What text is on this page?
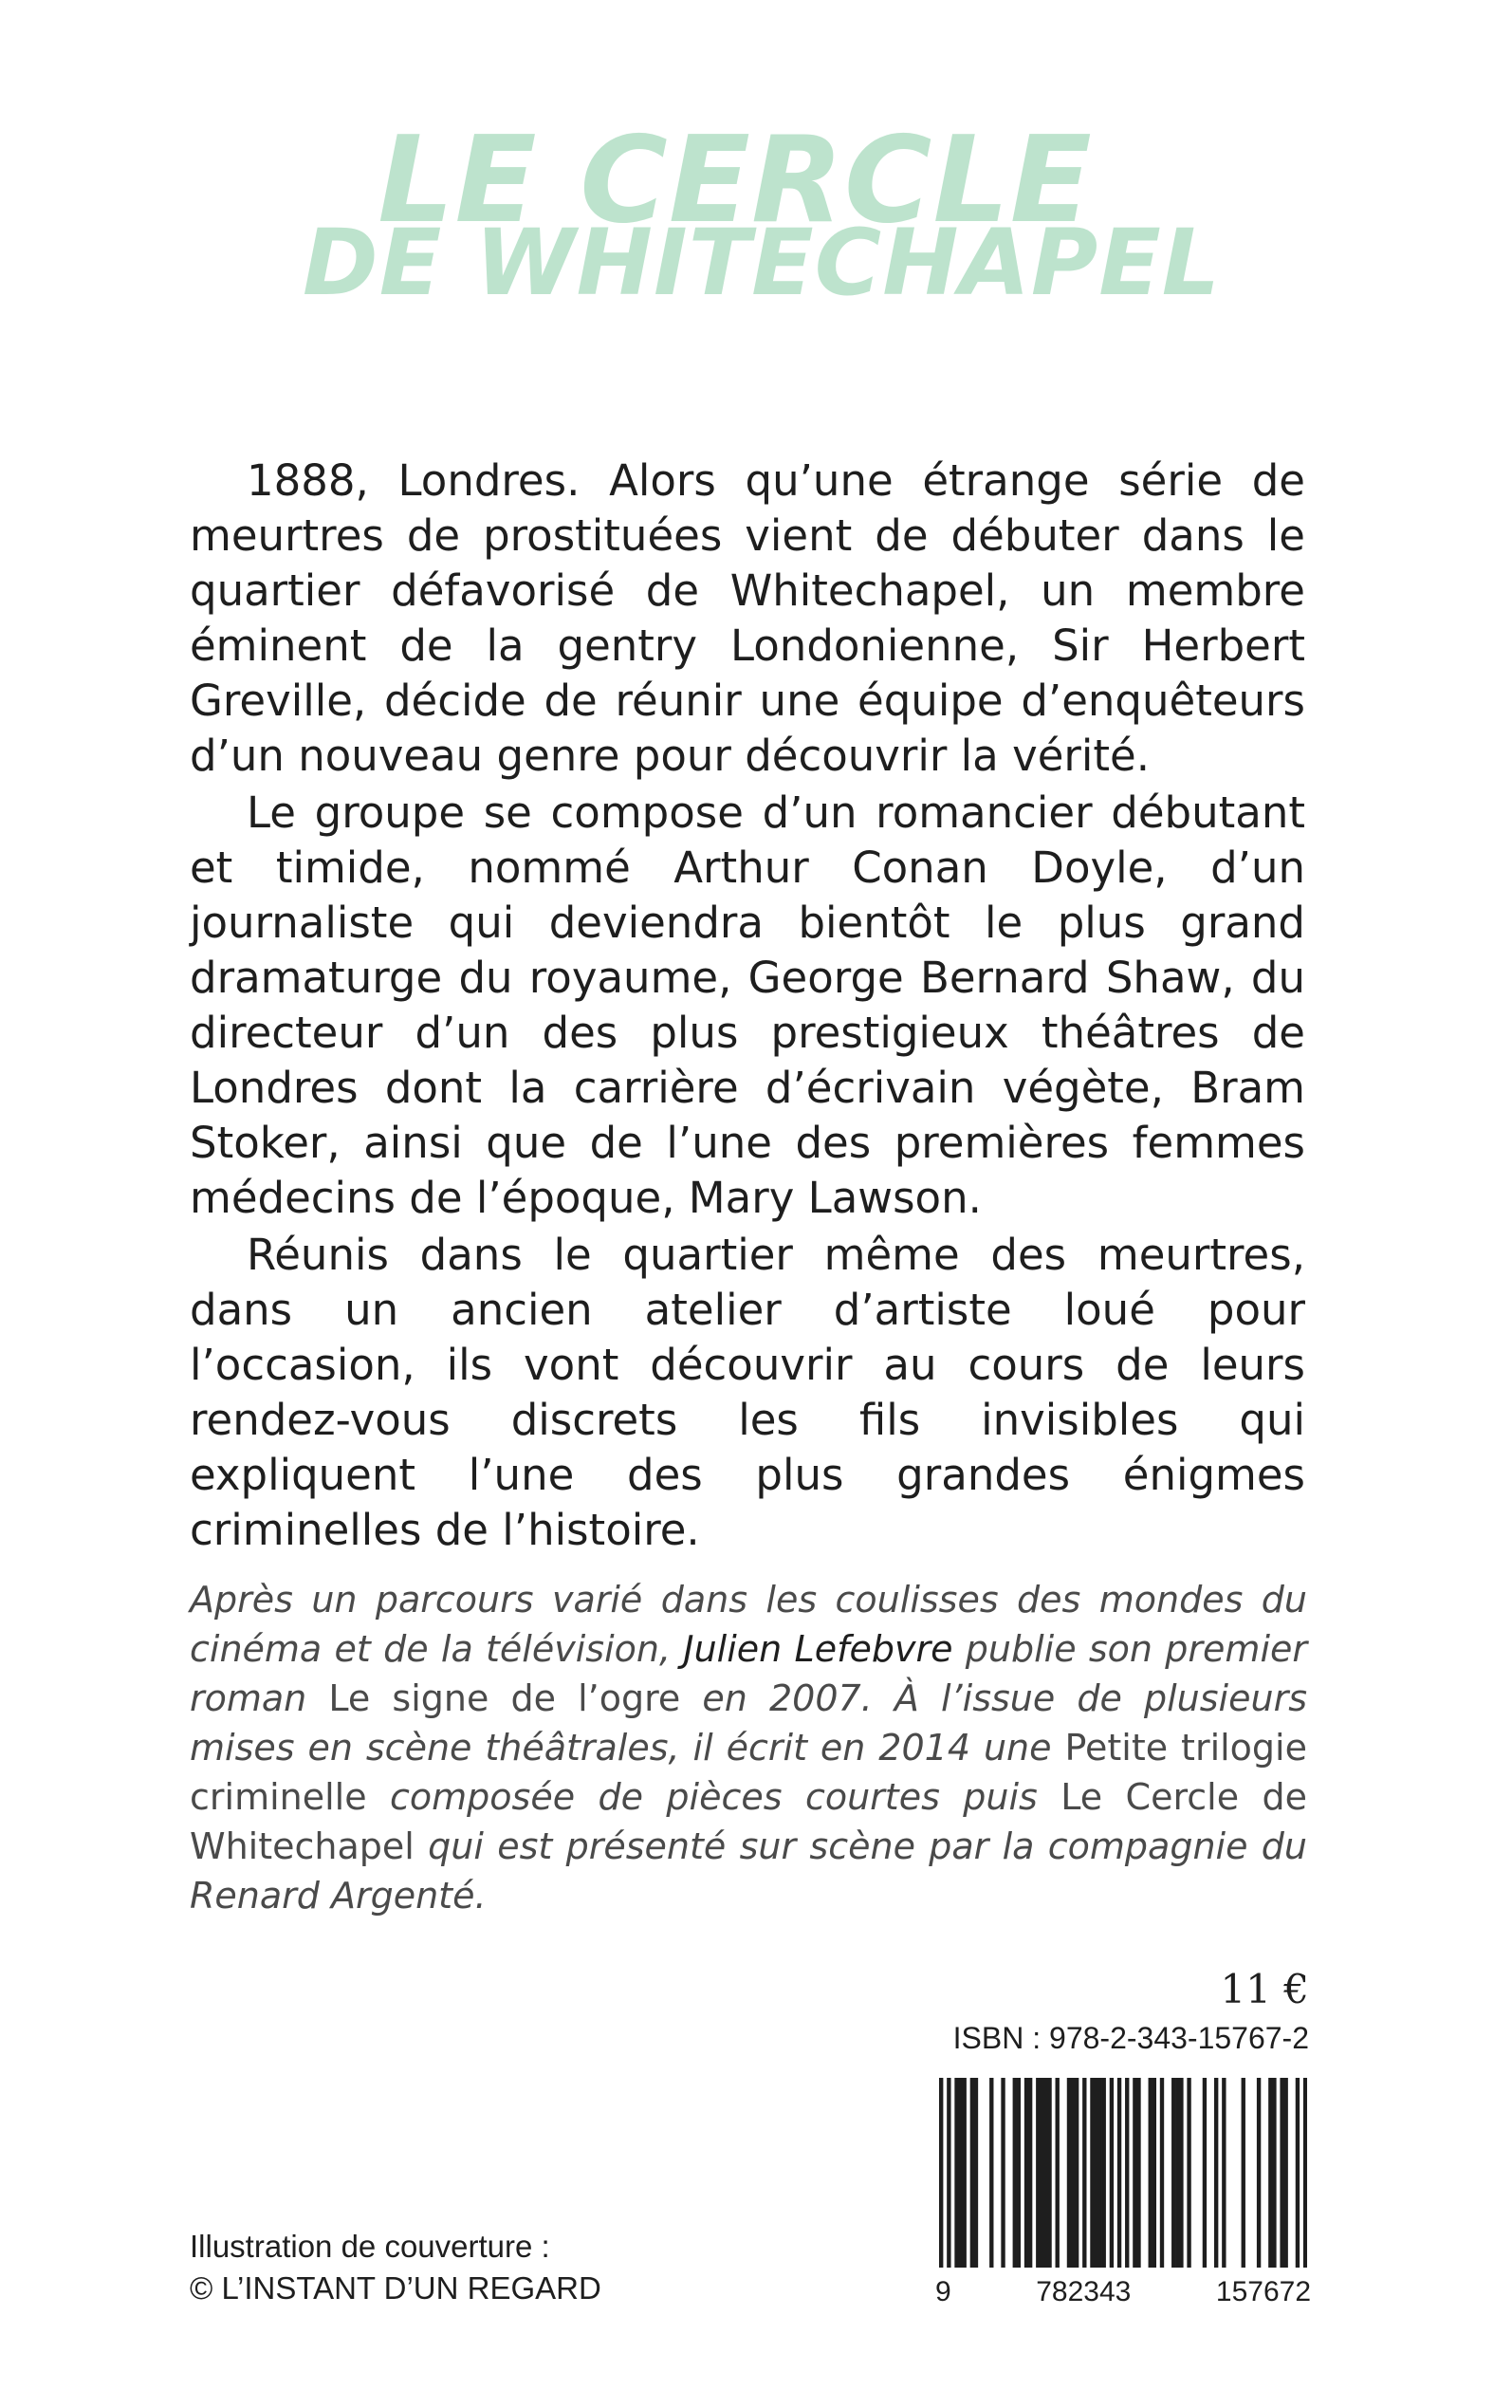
LE CERCLE
DE WHITECHAPEL

1888, Londres. Alors qu’une étrange série de meurtres de prostituées vient de débuter dans le quartier défavorisé de Whitechapel, un membre éminent de la gentry Londonienne, Sir Herbert Greville, décide de réunir une équipe d’enquêteurs d’un nouveau genre pour découvrir la vérité.

Le groupe se compose d’un romancier débutant et timide, nommé Arthur Conan Doyle, d’un journaliste qui deviendra bientôt le plus grand dramaturge du royaume, George Bernard Shaw, du directeur d’un des plus prestigieux théâtres de Londres dont la carrière d’écrivain végète, Bram Stoker, ainsi que de l’une des premières femmes médecins de l’époque, Mary Lawson.

Réunis dans le quartier même des meurtres, dans un ancien atelier d’artiste loué pour l’occasion, ils vont découvrir au cours de leurs rendez-vous discrets les fils invisibles qui expliquent l’une des plus grandes énigmes criminelles de l’histoire.

Après un parcours varié dans les coulisses des mondes du cinéma et de la télévision, Julien Lefebvre publie son premier roman Le signe de l’ogre en 2007. À l’issue de plusieurs mises en scène théâtrales, il écrit en 2014 une Petite trilogie criminelle composée de pièces courtes puis Le Cercle de Whitechapel qui est présenté sur scène par la compagnie du Renard Argenté.

11 €
ISBN : 978-2-343-15767-2
9	782343	157672
Illustration de couverture :
© L’INSTANT D’UN REGARD
